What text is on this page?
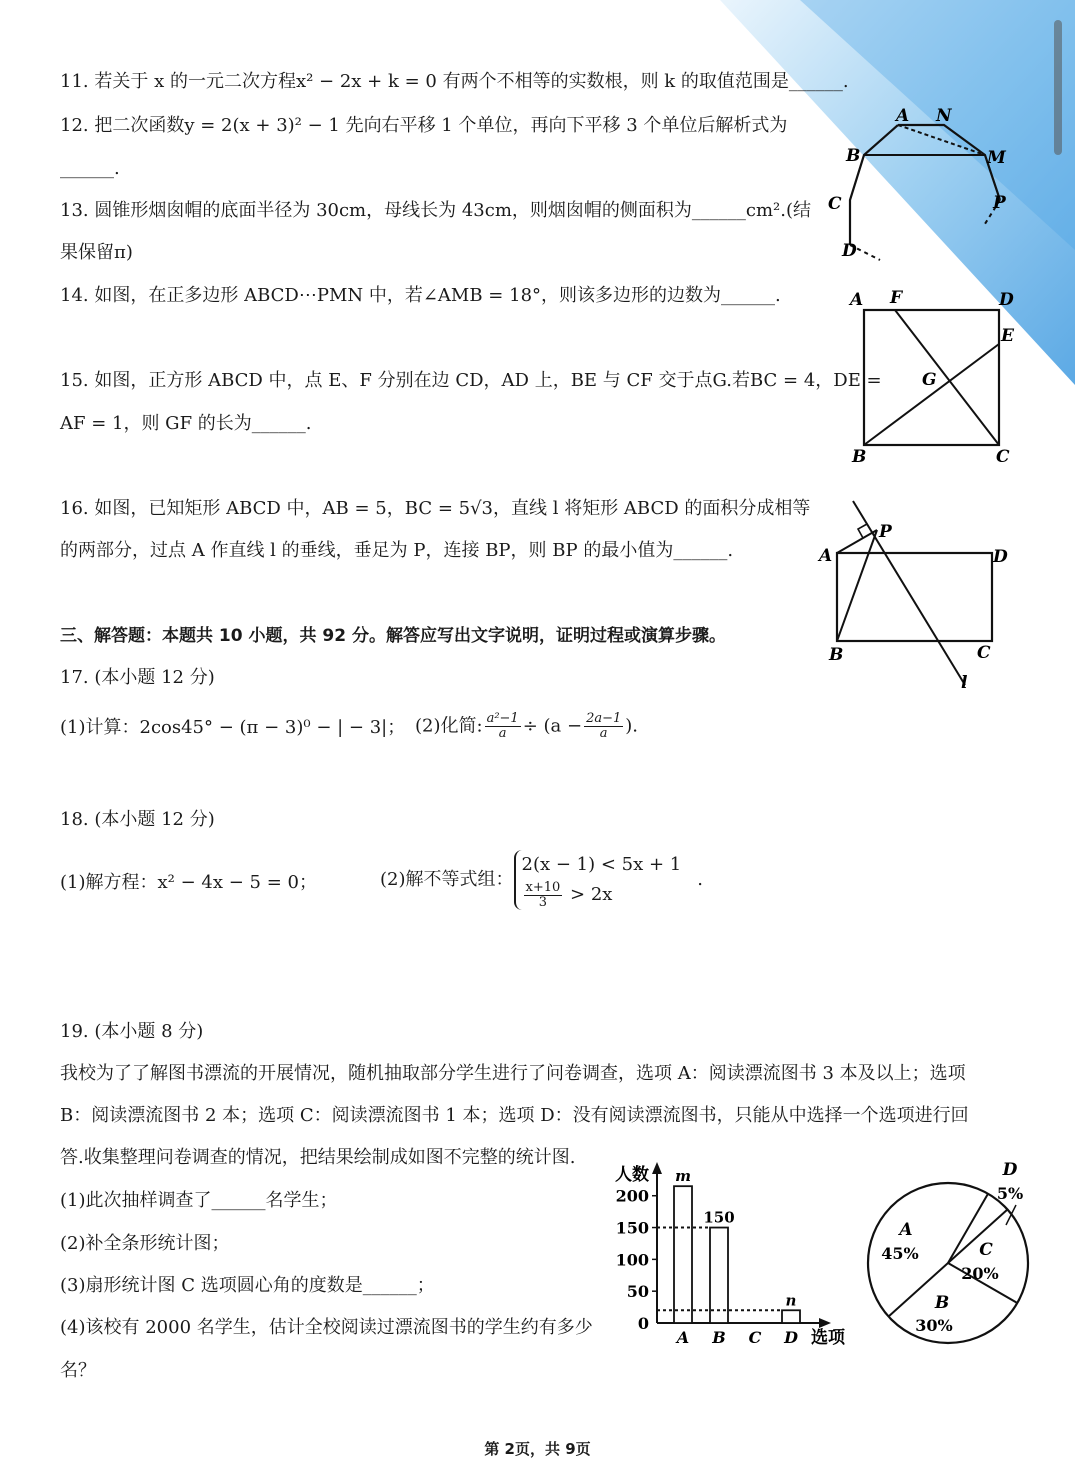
11. 若关于 x 的一元二次方程x² − 2x + k = 0 有两个不相等的实数根，则 k 的取值范围是______.
12. 把二次函数y = 2(x + 3)² − 1 先向右平移 1 个单位，再向下平移 3 个单位后解析式为
______.
13. 圆锥形烟囱帽的底面半径为 30cm，母线长为 43cm，则烟囱帽的侧面积为______cm².(结
果保留π)
14. 如图，在正多边形 ABCD⋯PMN 中，若∠AMB = 18°，则该多边形的边数为______.
15. 如图，正方形 ABCD 中，点 E、F 分别在边 CD，AD 上，BE 与 CF 交于点G.若BC = 4，DE =
AF = 1，则 GF 的长为______.
16. 如图，已知矩形 ABCD 中，AB = 5，BC = 5√3，直线 l 将矩形 ABCD 的面积分成相等
的两部分，过点 A 作直线 l 的垂线，垂足为 P，连接 BP，则 BP 的最小值为______.
三、解答题：本题共 10 小题，共 92 分。解答应写出文字说明，证明过程或演算步骤。
17. (本小题 12 分)
(1)计算：2cos45° − (π − 3)⁰ − | − 3|； (2)化简: $\frac{\text{a²−1}}{a} \div (a - \frac{2a-1}{a}$ ).
18. (本小题 12 分)
(1)解方程：x² − 4x − 5 = 0；	(2)解不等式组：
2(x − 1) < 5x + 1
$\frac{x+10}{3} > 2x$
.
19. (本小题 8 分)
我校为了了解图书漂流的开展情况，随机抽取部分学生进行了问卷调查，选项 A：阅读漂流图书 3 本及以上；选项
B：阅读漂流图书 2 本；选项 C：阅读漂流图书 1 本；选项 D：没有阅读漂流图书，只能从中选择一个选项进行回
答.收集整理问卷调查的情况，把结果绘制成如图不完整的统计图.
(1)此次抽样调查了______名学生；
(2)补全条形统计图；
(3)扇形统计图 C 选项圆心角的度数是______；
(4)该校有 2000 名学生，估计全校阅读过漂流图书的学生约有多少
名？
A N
B	M
C	P
D
A F	D
E
G
B	C
P
A	D
B	C
l
人数
选项
0
50
100
150
200
m
A
150
B C
n
D
A
45%
B
30%
C
20%
D
5%
第 2页，共 9页
